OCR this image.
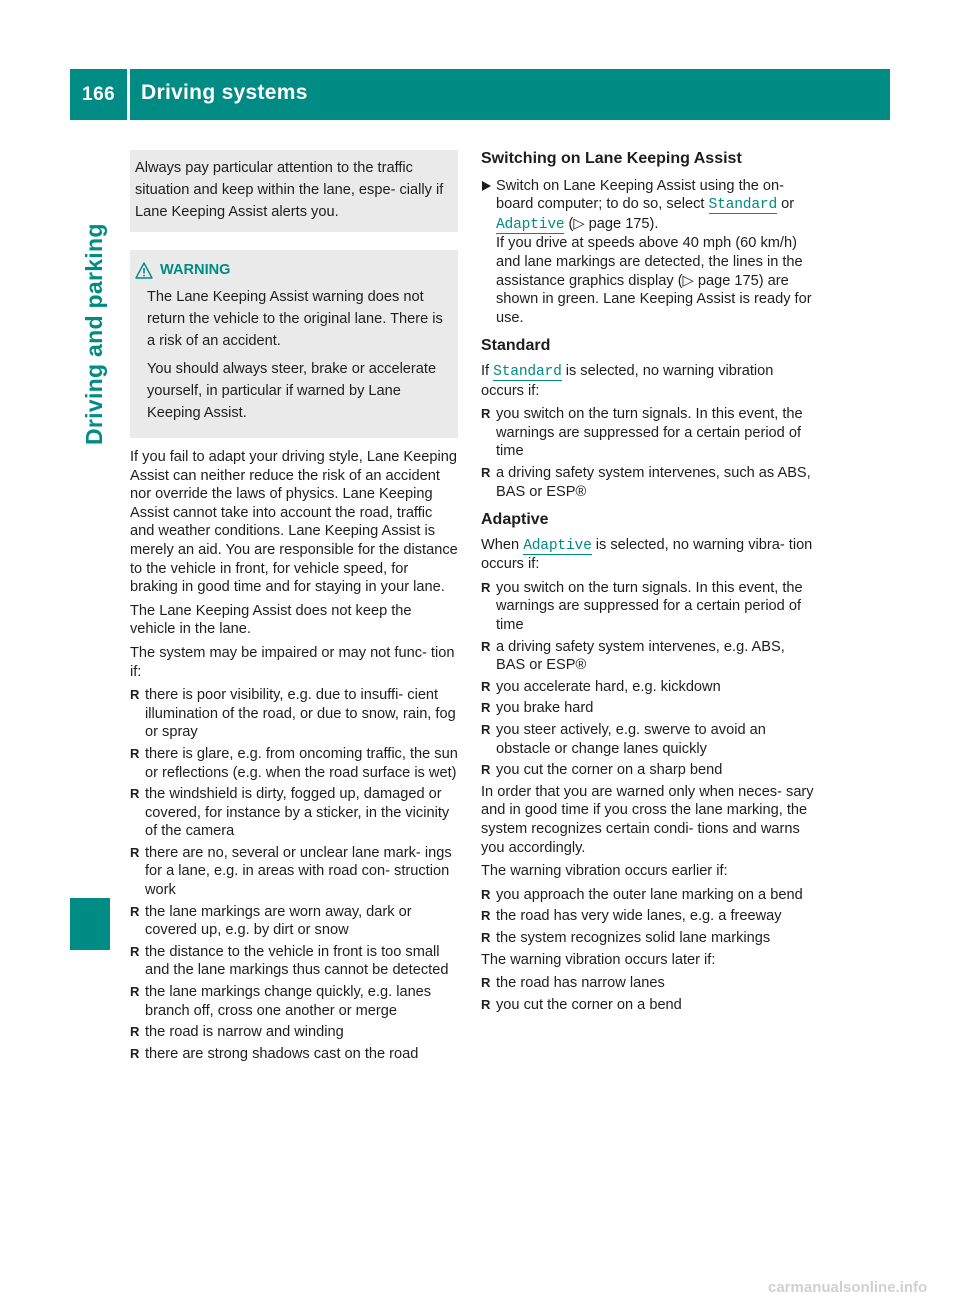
166 Driving systems
Driving and parking
Always pay particular attention to the traffic situation and keep within the lane, espe- cially if Lane Keeping Assist alerts you.
WARNING

The Lane Keeping Assist warning does not return the vehicle to the original lane. There is a risk of an accident.

You should always steer, brake or accelerate yourself, in particular if warned by Lane Keeping Assist.

If you fail to adapt your driving style, Lane Keeping Assist can neither reduce the risk of an accident nor override the laws of physics. Lane Keeping Assist cannot take into account the road, traffic and weather conditions. Lane Keeping Assist is merely an aid. You are responsible for the distance to the vehicle in front, for vehicle speed, for braking in good time and for staying in your lane.

The Lane Keeping Assist does not keep the vehicle in the lane.

The system may be impaired or may not func- tion if:

R there is poor visibility, e.g. due to insuffi- cient illumination of the road, or due to snow, rain, fog or spray
R there is glare, e.g. from oncoming traffic, the sun or reflections (e.g. when the road surface is wet)
R the windshield is dirty, fogged up, damaged or covered, for instance by a sticker, in the vicinity of the camera
R there are no, several or unclear lane mark- ings for a lane, e.g. in areas with road con- struction work
R the lane markings are worn away, dark or covered up, e.g. by dirt or snow
R the distance to the vehicle in front is too small and the lane markings thus cannot be detected
R the lane markings change quickly, e.g. lanes branch off, cross one another or merge
R the road is narrow and winding
R there are strong shadows cast on the road
Switching on Lane Keeping Assist
Switch on Lane Keeping Assist using the on- board computer; to do so, select Standard or Adaptive (▷ page 175).
If you drive at speeds above 40 mph (60 km/h) and lane markings are detected, the lines in the assistance graphics display (▷ page 175) are shown in green. Lane Keeping Assist is ready for use.
Standard

If Standard is selected, no warning vibration occurs if:

R you switch on the turn signals. In this event, the warnings are suppressed for a certain period of time
R a driving safety system intervenes, such as ABS, BAS or ESP®
Adaptive

When Adaptive is selected, no warning vibra- tion occurs if:

R you switch on the turn signals. In this event, the warnings are suppressed for a certain period of time
R a driving safety system intervenes, e.g. ABS, BAS or ESP®
R you accelerate hard, e.g. kickdown
R you brake hard
R you steer actively, e.g. swerve to avoid an obstacle or change lanes quickly
R you cut the corner on a sharp bend

In order that you are warned only when neces- sary and in good time if you cross the lane marking, the system recognizes certain condi- tions and warns you accordingly.

The warning vibration occurs earlier if:

R you approach the outer lane marking on a bend
R the road has very wide lanes, e.g. a freeway
R the system recognizes solid lane markings

The warning vibration occurs later if:

R the road has narrow lanes
R you cut the corner on a bend
carmanualsonline.info
